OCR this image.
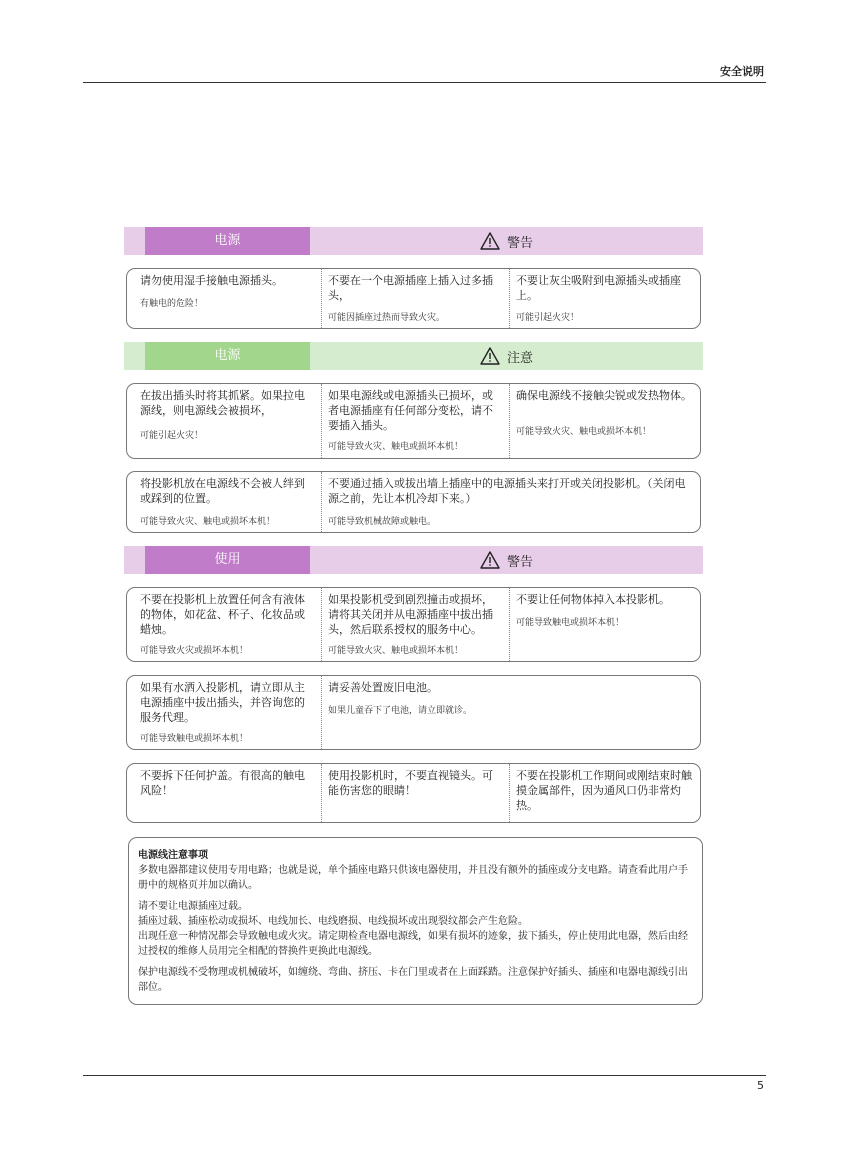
安全说明
电源	警告
请勿使用湿手接触电源插头。
有触电的危险！
不要在一个电源插座上插入过多插头，
可能因插座过热而导致火灾。
不要让灰尘吸附到电源插头或插座上。
可能引起火灾！
电源	注意
在拔出插头时将其抓紧。如果拉电源线，则电源线会被损坏，
可能引起火灾！
如果电源线或电源插头已损坏，或者电源插座有任何部分变松，请不要插入插头。
可能导致火灾、触电或损坏本机！
确保电源线不接触尖锐或发热物体。
可能导致火灾、触电或损坏本机！
将投影机放在电源线不会被人绊到或踩到的位置。
可能导致火灾、触电或损坏本机！
不要通过插入或拔出墙上插座中的电源插头来打开或关闭投影机。（关闭电源之前，先让本机冷却下来。）
可能导致机械故障或触电。
使用	警告
不要在投影机上放置任何含有液体的物体，如花盆、杯子、化妆品或蜡烛。
可能导致火灾或损坏本机！
如果投影机受到剧烈撞击或损坏，请将其关闭并从电源插座中拔出插头，然后联系授权的服务中心。
可能导致火灾、触电或损坏本机！
不要让任何物体掉入本投影机。
可能导致触电或损坏本机！
如果有水洒入投影机，请立即从主电源插座中拔出插头，并咨询您的服务代理。
可能导致触电或损坏本机！
请妥善处置废旧电池。
如果儿童吞下了电池，请立即就诊。
不要拆下任何护盖。有很高的触电风险！
使用投影机时，不要直视镜头。可能伤害您的眼睛！
不要在投影机工作期间或刚结束时触摸金属部件，因为通风口仍非常灼热。

电源线注意事项

多数电器都建议使用专用电路；也就是说，单个插座电路只供该电器使用，并且没有额外的插座或分支电路。请查看此用户手册中的规格页并加以确认。

请不要让电源插座过载。

插座过载、插座松动或损坏、电线加长、电线磨损、电线损坏或出现裂纹都会产生危险。

出现任意一种情况都会导致触电或火灾。请定期检查电器电源线，如果有损坏的迹象，拔下插头，停止使用此电器，然后由经过授权的维修人员用完全相配的替换件更换此电源线。

保护电源线不受物理或机械破坏，如缠绕、弯曲、挤压、卡在门里或者在上面踩踏。注意保护好插头、插座和电器电源线引出部位。

5
